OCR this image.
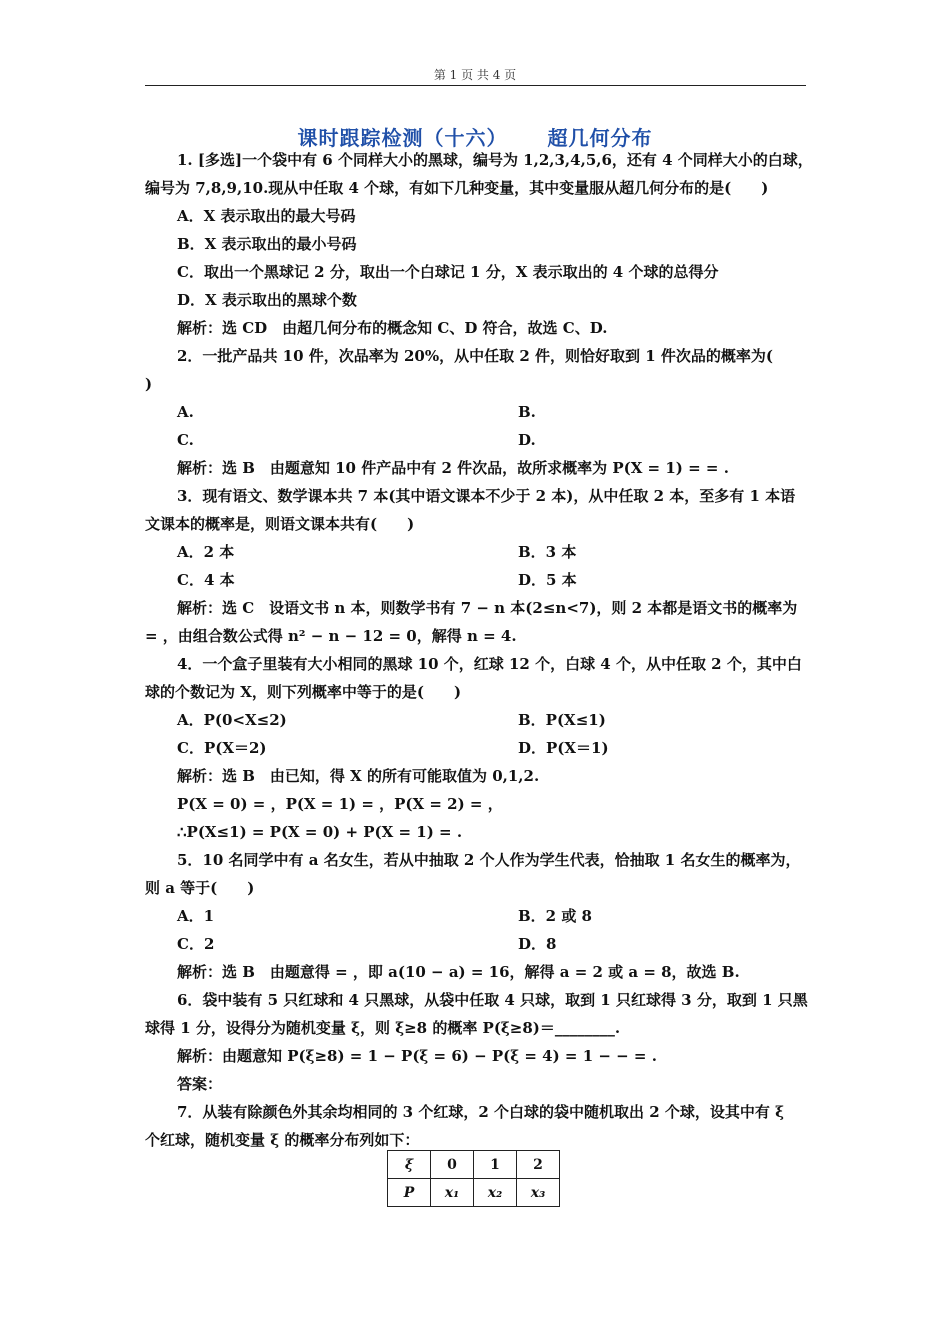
第 1 页 共 4 页
课时跟踪检测（十六） 超几何分布
1. [多选]一个袋中有 6 个同样大小的黑球，编号为 1,2,3,4,5,6，还有 4 个同样大小的白球，
编号为 7,8,9,10.现从中任取 4 个球，有如下几种变量，其中变量服从超几何分布的是(　　)
A．X 表示取出的最大号码
B．X 表示取出的最小号码
C．取出一个黑球记 2 分，取出一个白球记 1 分，X 表示取出的 4 个球的总得分
D．X 表示取出的黑球个数
解析：选 CD　由超几何分布的概念知 C、D 符合，故选 C、D.
2．一批产品共 10 件，次品率为 20%，从中任取 2 件，则恰好取到 1 件次品的概率为(
)
A.	B.
C.	D.
解析：选 B　由题意知 10 件产品中有 2 件次品，故所求概率为 P(X = 1) = = .
3．现有语文、数学课本共 7 本(其中语文课本不少于 2 本)，从中任取 2 本，至多有 1 本语
文课本的概率是，则语文课本共有(　　)
A．2 本	B．3 本
C．4 本	D．5 本
解析：选 C　设语文书 n 本，则数学书有 7 − n 本(2≤n<7)，则 2 本都是语文书的概率为
= ，由组合数公式得 n² − n − 12 = 0，解得 n = 4.
4．一个盒子里装有大小相同的黑球 10 个，红球 12 个，白球 4 个，从中任取 2 个，其中白
球的个数记为 X，则下列概率中等于的是(　　)
A．P(0<X≤2)	B．P(X≤1)
C．P(X＝2)	D．P(X＝1)
解析：选 B　由已知，得 X 的所有可能取值为 0,1,2.
P(X = 0) = ，P(X = 1) = ，P(X = 2) = ，
∴P(X≤1) = P(X = 0) + P(X = 1) = .
5．10 名同学中有 a 名女生，若从中抽取 2 个人作为学生代表，恰抽取 1 名女生的概率为，
则 a 等于(　　)
A．1	B．2 或 8
C．2	D．8
解析：选 B　由题意得 = ，即 a(10 − a) = 16，解得 a = 2 或 a = 8，故选 B.
6．袋中装有 5 只红球和 4 只黑球，从袋中任取 4 只球，取到 1 只红球得 3 分，取到 1 只黑
球得 1 分，设得分为随机变量 ξ，则 ξ≥8 的概率 P(ξ≥8)＝________.
解析：由题意知 P(ξ≥8) = 1 − P(ξ = 6) − P(ξ = 4) = 1 − − = .
答案：
7．从装有除颜色外其余均相同的 3 个红球，2 个白球的袋中随机取出 2 个球，设其中有 ξ
个红球，随机变量 ξ 的概率分布列如下：
ξ	0	1	2
P	x₁	x₂	x₃
